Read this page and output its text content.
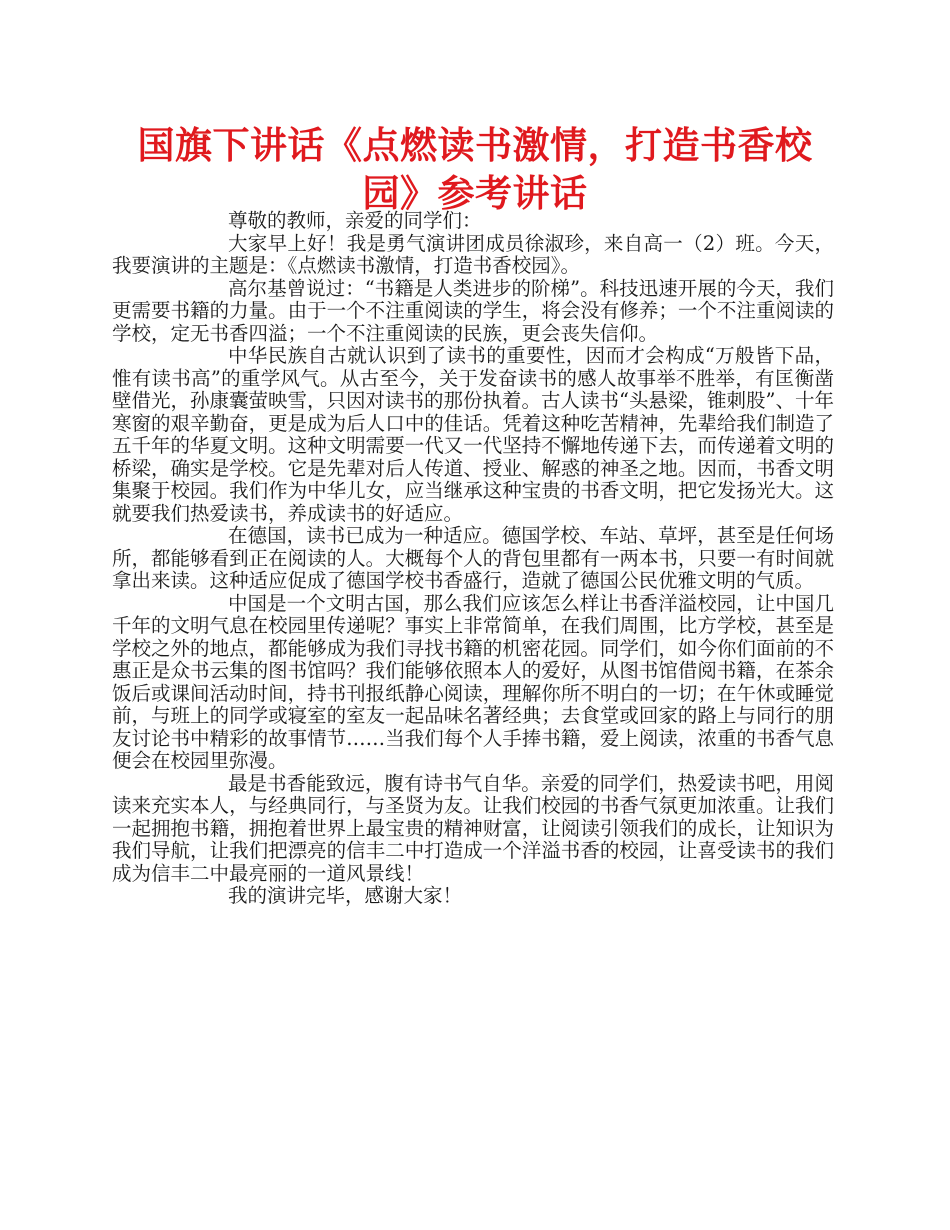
国旗下讲话《点燃读书激情，打造书香校园》参考讲话

尊敬的教师，亲爱的同学们：

大家早上好！我是勇气演讲团成员徐淑珍，来自高一（2）班。今天，我要演讲的主题是：《点燃读书激情，打造书香校园》。

高尔基曾说过：“书籍是人类进步的阶梯”。科技迅速开展的今天，我们更需要书籍的力量。由于一个不注重阅读的学生，将会没有修养；一个不注重阅读的学校，定无书香四溢；一个不注重阅读的民族，更会丧失信仰。

中华民族自古就认识到了读书的重要性，因而才会构成“万般皆下品，惟有读书高”的重学风气。从古至今，关于发奋读书的感人故事举不胜举，有匡衡凿壁借光，孙康囊萤映雪，只因对读书的那份执着。古人读书“头悬梁，锥刺股”、十年寒窗的艰辛勤奋，更是成为后人口中的佳话。凭着这种吃苦精神，先辈给我们制造了五千年的华夏文明。这种文明需要一代又一代坚持不懈地传递下去，而传递着文明的桥梁，确实是学校。它是先辈对后人传道、授业、解惑的神圣之地。因而，书香文明集聚于校园。我们作为中华儿女，应当继承这种宝贵的书香文明，把它发扬光大。这就要我们热爱读书，养成读书的好适应。

在德国，读书已成为一种适应。德国学校、车站、草坪，甚至是任何场所，都能够看到正在阅读的人。大概每个人的背包里都有一两本书，只要一有时间就拿出来读。这种适应促成了德国学校书香盛行，造就了德国公民优雅文明的气质。

中国是一个文明古国，那么我们应该怎么样让书香洋溢校园，让中国几千年的文明气息在校园里传递呢？事实上非常简单，在我们周围，比方学校，甚至是学校之外的地点，都能够成为我们寻找书籍的机密花园。同学们，如今你们面前的不惠正是众书云集的图书馆吗？我们能够依照本人的爱好，从图书馆借阅书籍，在茶余饭后或课间活动时间，持书刊报纸静心阅读，理解你所不明白的一切；在午休或睡觉前，与班上的同学或寝室的室友一起品味名著经典；去食堂或回家的路上与同行的朋友讨论书中精彩的故事情节……当我们每个人手捧书籍，爱上阅读，浓重的书香气息便会在校园里弥漫。

最是书香能致远，腹有诗书气自华。亲爱的同学们，热爱读书吧，用阅读来充实本人，与经典同行，与圣贤为友。让我们校园的书香气氛更加浓重。让我们一起拥抱书籍，拥抱着世界上最宝贵的精神财富，让阅读引领我们的成长，让知识为我们导航，让我们把漂亮的信丰二中打造成一个洋溢书香的校园，让喜受读书的我们成为信丰二中最亮丽的一道风景线！

我的演讲完毕，感谢大家！
